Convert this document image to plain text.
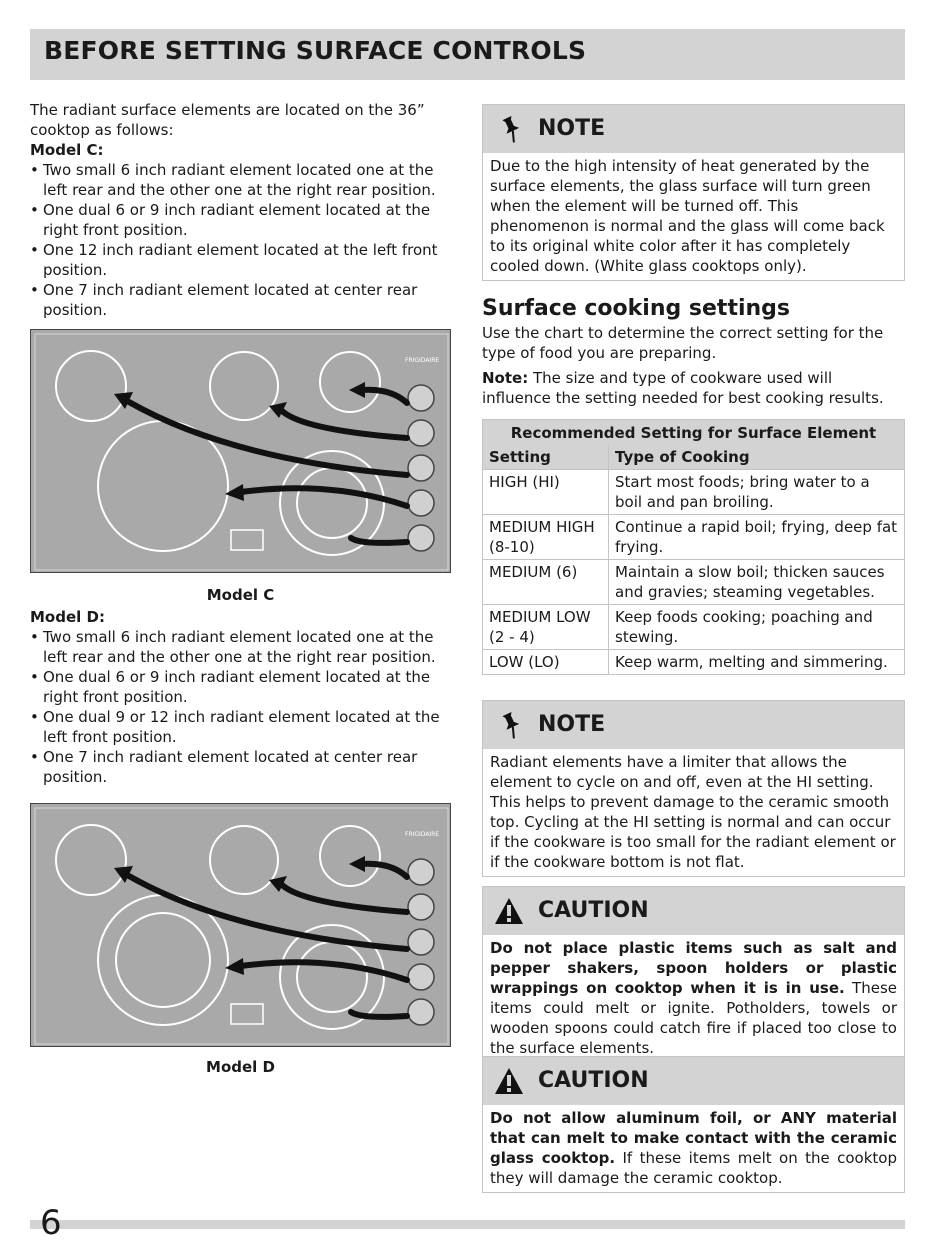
BEFORE SETTING SURFACE CONTROLS

The radiant surface elements are located on the 36” cooktop as follows:

Model C:

• Two small 6 inch radiant element located one at the left rear and the other one at the right rear position.
• One dual 6 or 9 inch radiant element located at the right front position.
• One 12 inch radiant element located at the left front position.
• One 7 inch radiant element located at center rear position.
FRIGIDAIRE
Model C

Model D:

• Two small 6 inch radiant element located one at the left rear and the other one at the right rear position.
• One dual 6 or 9 inch radiant element located at the right front position.
• One dual 9 or 12 inch radiant element located at the left front position.
• One 7 inch radiant element located at center rear position.
FRIGIDAIRE
Model D
NOTE
Due to the high intensity of heat generated by the surface elements, the glass surface will turn green when the element will be turned off. This phenomenon is normal and the glass will come back to its original white color after it has completely cooled down. (White glass cooktops only).
Surface cooking settings
Use the chart to determine the correct setting for the type of food you are preparing.
Note: The size and type of cookware used will influence the setting needed for best cooking results.
Recommended Setting for Surface Element	
Setting	Type of Cooking
HIGH (HI)	Start most foods; bring water to a boil and pan broiling.
MEDIUM HIGH (8-10)	Continue a rapid boil; frying, deep fat frying.
MEDIUM (6)	Maintain a slow boil; thicken sauces and gravies; steaming vegetables.
MEDIUM LOW (2 - 4)	Keep foods cooking; poaching and stewing.
LOW (LO)	Keep warm, melting and simmering.
NOTE
Radiant elements have a limiter that allows the element to cycle on and off, even at the HI setting. This helps to prevent damage to the ceramic smooth top. Cycling at the HI setting is normal and can occur if the cookware is too small for the radiant element or if the cookware bottom is not flat.
CAUTION
Do not place plastic items such as salt and pepper shakers, spoon holders or plastic wrappings on cooktop when it is in use. These items could melt or ignite. Potholders, towels or wooden spoons could catch fire if placed too close to the surface elements.
CAUTION
Do not allow aluminum foil, or ANY material that can melt to make contact with the ceramic glass cooktop. If these items melt on the cooktop they will damage the ceramic cooktop.
6
